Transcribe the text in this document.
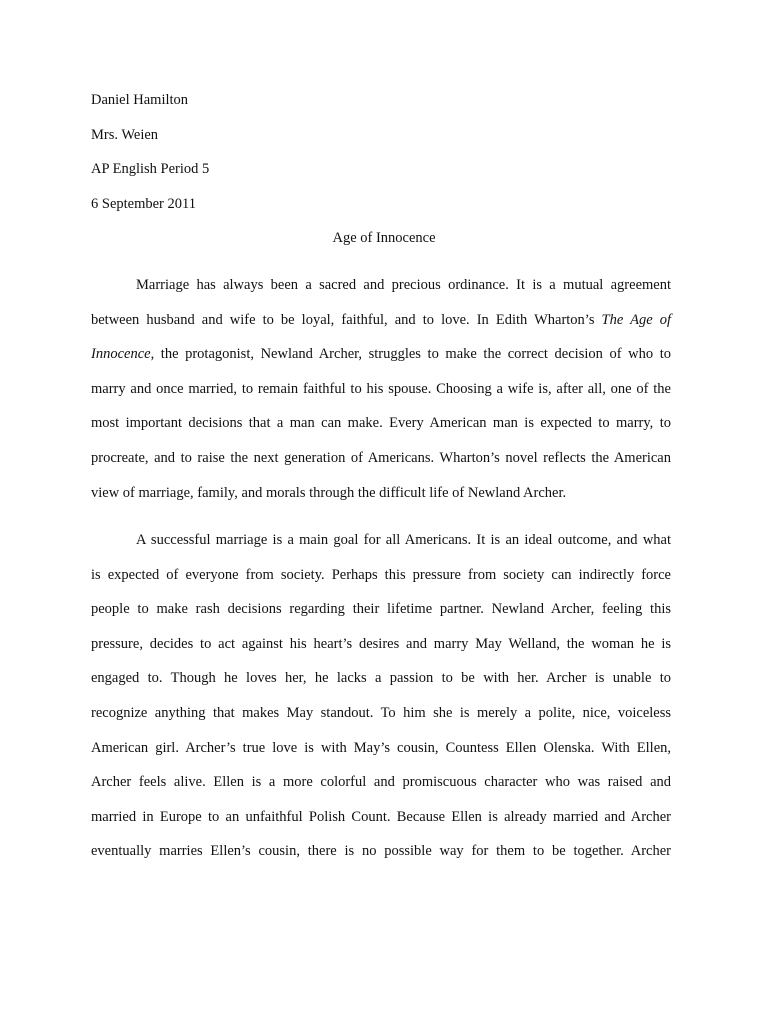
Daniel Hamilton
Mrs. Weien
AP English Period 5
6 September 2011
Age of Innocence
Marriage has always been a sacred and precious ordinance. It is a mutual agreement
between husband and wife to be loyal, faithful, and to love. In Edith Wharton’s The Age of
Innocence, the protagonist, Newland Archer, struggles to make the correct decision of who to
marry and once married, to remain faithful to his spouse. Choosing a wife is, after all, one of the
most important decisions that a man can make. Every American man is expected to marry, to
procreate, and to raise the next generation of Americans. Wharton’s novel reflects the American
view of marriage, family, and morals through the difficult life of Newland Archer.
A successful marriage is a main goal for all Americans. It is an ideal outcome, and what
is expected of everyone from society. Perhaps this pressure from society can indirectly force
people to make rash decisions regarding their lifetime partner. Newland Archer, feeling this
pressure, decides to act against his heart’s desires and marry May Welland, the woman he is
engaged to. Though he loves her, he lacks a passion to be with her. Archer is unable to
recognize anything that makes May standout. To him she is merely a polite, nice, voiceless
American girl. Archer’s true love is with May’s cousin, Countess Ellen Olenska. With Ellen,
Archer feels alive. Ellen is a more colorful and promiscuous character who was raised and
married in Europe to an unfaithful Polish Count. Because Ellen is already married and Archer
eventually marries Ellen’s cousin, there is no possible way for them to be together. Archer
